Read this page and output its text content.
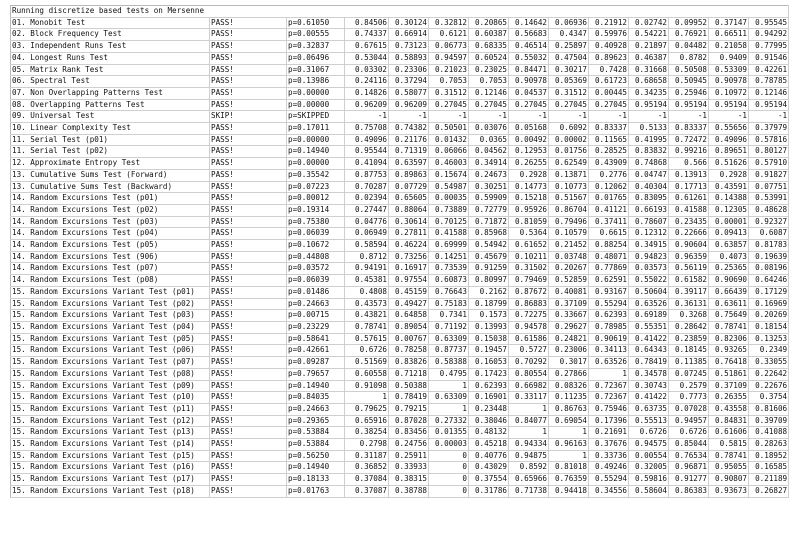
Running discretize based tests on Mersenne													
01. Monobit Test	PASS!	p=0.61050	0.84506	0.30124	0.32812	0.20865	0.14642	0.06936	0.21912	0.02742	0.09952	0.37147	0.95545
02. Block Frequency Test	PASS!	p=0.00555	0.74337	0.66914	0.6121	0.60387	0.56683	0.4347	0.59976	0.54221	0.76921	0.66511	0.94292
03. Independent Runs Test	PASS!	p=0.32837	0.67615	0.73123	0.06773	0.68335	0.46514	0.25897	0.40928	0.21897	0.04482	0.21058	0.77995
04. Longest Runs Test	PASS!	p=0.06496	0.53044	0.58893	0.94597	0.60524	0.55032	0.47504	0.89623	0.46387	0.8782	0.9409	0.91546
05. Matrix Rank Test	PASS!	p=0.31067	0.03302	0.23306	0.21023	0.23025	0.84471	0.30217	0.7428	0.31668	0.50508	0.53309	0.42261
06. Spectral Test	PASS!	p=0.13986	0.24116	0.37294	0.7053	0.7053	0.90978	0.05369	0.61723	0.68658	0.50945	0.90978	0.78785
07. Non Overlapping Patterns Test	PASS!	p=0.00000	0.14826	0.58077	0.31512	0.12146	0.04537	0.31512	0.00445	0.34235	0.25946	0.10972	0.12146
08. Overlapping Patterns Test	PASS!	p=0.00000	0.96209	0.96209	0.27045	0.27045	0.27045	0.27045	0.27045	0.95194	0.95194	0.95194	0.95194
09. Universal Test	SKIP!	p=SKIPPED	-1	-1	-1	-1	-1	-1	-1	-1	-1	-1	-1
10. Linear Complexity Test	PASS!	p=0.17011	0.75708	0.74382	0.50501	0.03076	0.05168	0.6092	0.83337	0.5133	0.83337	0.55656	0.37979
11. Serial Test (p01)	PASS!	p=0.00000	0.49096	0.21176	0.01432	0.0365	0.00492	0.00002	0.11565	0.41995	0.72472	0.49096	0.57816
11. Serial Test (p02)	PASS!	p=0.14940	0.95544	0.71319	0.06066	0.04562	0.12953	0.01756	0.28525	0.83832	0.99216	0.89651	0.80127
12. Approximate Entropy Test	PASS!	p=0.00000	0.41094	0.63597	0.46003	0.34914	0.26255	0.62549	0.43909	0.74868	0.566	0.51626	0.57910
13. Cumulative Sums Test (Forward)	PASS!	p=0.35542	0.87753	0.89863	0.15674	0.24673	0.2928	0.13871	0.2776	0.04747	0.13913	0.2928	0.91827
13. Cumulative Sums Test (Backward)	PASS!	p=0.07223	0.70287	0.07729	0.54987	0.30251	0.14773	0.10773	0.12062	0.40304	0.17713	0.43591	0.07751
14. Random Excursions Test (p01)	PASS!	p=0.00012	0.02394	0.65605	0.00035	0.59909	0.15218	0.51567	0.01765	0.83095	0.61261	0.14388	0.53991
14. Random Excursions Test (p02)	PASS!	p=0.19314	0.27447	0.88064	0.73889	0.72779	0.95926	0.86704	0.41121	0.66193	0.41588	0.12305	0.48628
14. Random Excursions Test (p03)	PASS!	p=0.75380	0.04776	0.30614	0.70125	0.71872	0.81059	0.79496	0.37411	0.78607	0.23435	0.00001	0.92327
14. Random Excursions Test (p04)	PASS!	p=0.06039	0.06949	0.27811	0.41588	0.85968	0.5364	0.10579	0.6615	0.12312	0.22666	0.09413	0.6087
14. Random Excursions Test (p05)	PASS!	p=0.10672	0.58594	0.46224	0.69999	0.54942	0.61652	0.21452	0.88254	0.34915	0.90604	0.63857	0.81783
14. Random Excursions Test (906)	PASS!	p=0.44808	0.8712	0.73256	0.14251	0.45679	0.10211	0.03748	0.48071	0.94823	0.96359	0.4073	0.19639
14. Random Excursions Test (p07)	PASS!	p=0.03572	0.94191	0.16917	0.73539	0.91259	0.31502	0.20267	0.77869	0.03573	0.56119	0.25365	0.08196
14. Random Excursions Test (p08)	PASS!	p=0.06039	0.45381	0.97554	0.60873	0.80997	0.79469	0.52859	0.62591	0.55022	0.61582	0.90690	0.64246
15. Random Excursions Variant Test (p01)	PASS!	p=0.01486	0.4808	0.45159	0.76643	0.2162	0.87672	0.40081	0.93167	0.50604	0.39117	0.66439	0.17129
15. Random Excursions Variant Test (p02)	PASS!	p=0.24663	0.43573	0.49427	0.75183	0.18799	0.86883	0.37109	0.55294	0.63526	0.36131	0.63611	0.16969
15. Random Excursions Variant Test (p03)	PASS!	p=0.00715	0.43821	0.64858	0.7341	0.1573	0.72275	0.33667	0.62393	0.69189	0.3268	0.75649	0.20269
15. Random Excursions Variant Test (p04)	PASS!	p=0.23229	0.78741	0.89054	0.71192	0.13993	0.94578	0.29627	0.78985	0.55351	0.28642	0.78741	0.18154
15. Random Excursions Variant Test (p05)	PASS!	p=0.58641	0.57615	0.00767	0.63309	0.15038	0.61586	0.24821	0.90619	0.41422	0.23859	0.82306	0.13253
15. Random Excursions Variant Test (p06)	PASS!	p=0.42661	0.6726	0.78258	0.87737	0.19457	0.5727	0.23006	0.34113	0.64343	0.18145	0.93265	0.2349
15. Random Excursions Variant Test (p07)	PASS!	p=0.09287	0.51569	0.83826	0.58388	0.16053	0.70292	0.3017	0.63526	0.78419	0.11385	0.76418	0.33055
15. Random Excursions Variant Test (p08)	PASS!	p=0.79657	0.60558	0.71218	0.4795	0.17423	0.80554	0.27866	1	0.34578	0.07245	0.51861	0.22642
15. Random Excursions Variant Test (p09)	PASS!	p=0.14940	0.91098	0.50388	1	0.62393	0.66982	0.08326	0.72367	0.30743	0.2579	0.37109	0.22676
15. Random Excursions Variant Test (p10)	PASS!	p=0.84035	1	0.78419	0.63309	0.16901	0.33117	0.11235	0.72367	0.41422	0.7773	0.26355	0.3754
15. Random Excursions Variant Test (p11)	PASS!	p=0.24663	0.79625	0.79215	1	0.23448	1	0.86763	0.75946	0.63735	0.07028	0.43558	0.81606
15. Random Excursions Variant Test (p12)	PASS!	p=0.29365	0.65916	0.87028	0.27332	0.38046	0.84077	0.69054	0.17396	0.55513	0.94957	0.84831	0.39709
15. Random Excursions Variant Test (p13)	PASS!	p=0.53884	0.38254	0.83456	0.01355	0.48132	1	1	0.21691	0.6726	0.6726	0.61606	0.41088
15. Random Excursions Variant Test (p14)	PASS!	p=0.53884	0.2798	0.24756	0.00003	0.45218	0.94334	0.96163	0.37676	0.94575	0.85044	0.5815	0.28263
15. Random Excursions Variant Test (p15)	PASS!	p=0.56250	0.31187	0.25911	0	0.40776	0.94875	1	0.33736	0.00554	0.76534	0.78741	0.18952
15. Random Excursions Variant Test (p16)	PASS!	p=0.14940	0.36852	0.33933	0	0.43029	0.8592	0.81018	0.49246	0.32005	0.96871	0.95055	0.16585
15. Random Excursions Variant Test (p17)	PASS!	p=0.18133	0.37084	0.38315	0	0.37554	0.65966	0.76359	0.55294	0.59816	0.91277	0.90807	0.21189
15. Random Excursions Variant Test (p18)	PASS!	p=0.01763	0.37087	0.38788	0	0.31786	0.71738	0.94418	0.34556	0.58604	0.86383	0.93673	0.26827
